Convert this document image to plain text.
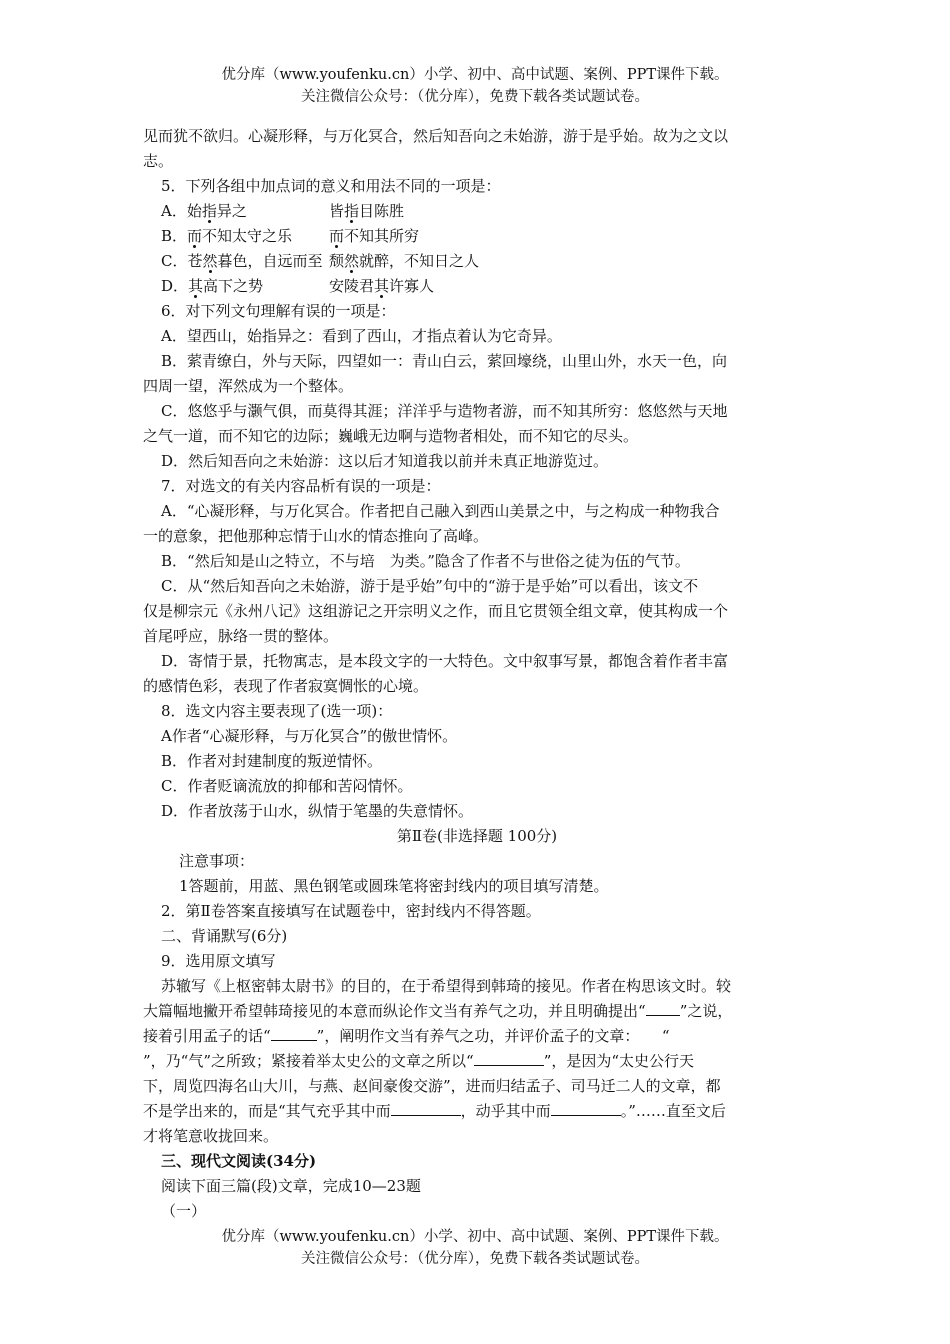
优分库（www.youfenku.cn）小学、初中、高中试题、案例、PPT课件下载。
关注微信公众号：（优分库），免费下载各类试题试卷。

见而犹不欲归。心凝形释，与万化冥合，然后知吾向之未始游，游于是乎始。故为之文以

志。

5．下列各组中加点词的意义和用法不同的一项是：

A．始指异之	皆指目陈胜
B．而不知太守之乐	而不知其所穷
C．苍然暮色，自远而至 颓然就醉，不知日之人
D．其高下之势	安陵君其许寡人

6．对下列文句理解有误的一项是：

A．望西山，始指异之：看到了西山，才指点着认为它奇异。

B．萦青缭白，外与天际，四望如一：青山白云，萦回壕绕，山里山外，水天一色，向

四周一望，浑然成为一个整体。

C．悠悠乎与灏气俱，而莫得其涯；洋洋乎与造物者游，而不知其所穷：悠悠然与天地

之气一道，而不知它的边际；巍峨无边啊与造物者相处，而不知它的尽头。

D．然后知吾向之未始游：这以后才知道我以前并未真正地游览过。

7．对选文的有关内容品析有误的一项是：

A．“心凝形释，与万化冥合。作者把自己融入到西山美景之中，与之构成一种物我合

一的意象，把他那种忘情于山水的情态推向了高峰。

B．“然后知是山之特立，不与培　为类。”隐含了作者不与世俗之徒为伍的气节。

C．从“然后知吾向之未始游，游于是乎始”句中的“游于是乎始”可以看出，该文不

仅是柳宗元《永州八记》这组游记之开宗明义之作，而且它贯领全组文章，使其构成一个

首尾呼应，脉络一贯的整体。

D．寄情于景，托物寓志，是本段文字的一大特色。文中叙事写景，都饱含着作者丰富

的感情色彩，表现了作者寂寞惆怅的心境。

8．选文内容主要表现了(选一项)：

A作者“心凝形释，与万化冥合”的傲世情怀。

B．作者对封建制度的叛逆情怀。

C．作者贬谪流放的抑郁和苦闷情怀。

D．作者放荡于山水，纵情于笔墨的失意情怀。

第Ⅱ卷(非选择题 100分)

注意事项：

1答题前，用蓝、黑色钢笔或圆珠笔将密封线内的项目填写清楚。

2．第Ⅱ卷答案直接填写在试题卷中，密封线内不得答题。

二、背诵默写(6分)

9．选用原文填写

苏辙写《上枢密韩太尉书》的目的，在于希望得到韩琦的接见。作者在构思该文时。较

大篇幅地撇开希望韩琦接见的本意而纵论作文当有养气之功，并且明确提出“ ”之说，

接着引用孟子的话“	”，阐明作文当有养气之功，并评价孟子的文章：　　“

”，乃“气”之所致；紧接着举太史公的文章之所以“	”，是因为“太史公行天

下，周览四海名山大川，与燕、赵间豪俊交游”，进而归结孟子、司马迁二人的文章，都

不是学出来的，而是“其气充乎其中而	，动乎其中而	。”……直至文后

才将笔意收拢回来。

三、现代文阅读(34分)

阅读下面三篇(段)文章，完成10—23题

（一）

优分库（www.youfenku.cn）小学、初中、高中试题、案例、PPT课件下载。
关注微信公众号：（优分库），免费下载各类试题试卷。
